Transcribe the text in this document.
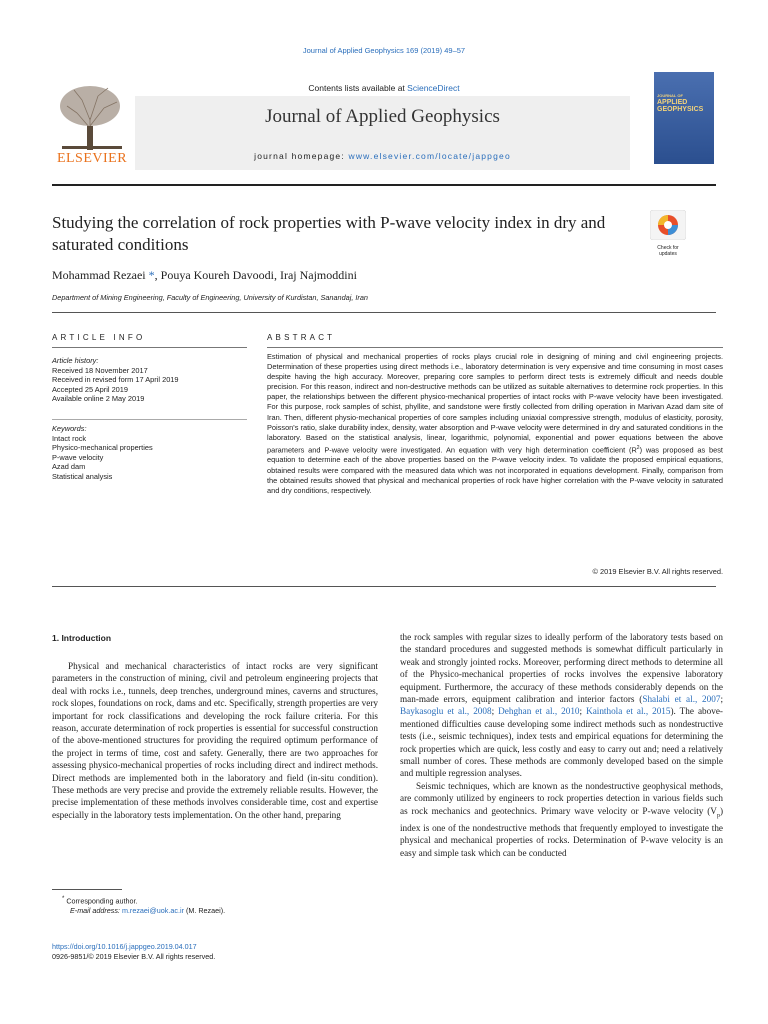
Journal of Applied Geophysics 169 (2019) 49–57
Contents lists available at ScienceDirect
ELSEVIER
Journal of Applied Geophysics
journal homepage: www.elsevier.com/locate/jappgeo
JOURNAL OF
APPLIED
GEOPHYSICS
Studying the correlation of rock properties with P-wave velocity index in dry and saturated conditions	Check for updates
Mohammad Rezaei *, Pouya Koureh Davoodi, Iraj Najmoddini
Department of Mining Engineering, Faculty of Engineering, University of Kurdistan, Sanandaj, Iran
ARTICLE INFO
Article history:
Received 18 November 2017
Received in revised form 17 April 2019
Accepted 25 April 2019
Available online 2 May 2019
Keywords:
Intact rock
Physico-mechanical properties
P-wave velocity
Azad dam
Statistical analysis
ABSTRACT
Estimation of physical and mechanical properties of rocks plays crucial role in designing of mining and civil engineering projects. Determination of these properties using direct methods i.e., laboratory determination is very expensive and time consuming in most cases despite having the high accuracy. Moreover, preparing core samples to perform direct tests is extremely difficult and needs double precision. For this reason, indirect and non-destructive methods can be utilized as suitable alternatives to determine rock properties. In this paper, the relationships between the different physico-mechanical properties of intact rocks with P-wave velocity have been investigated. For this purpose, rock samples of schist, phyllite, and sandstone were firstly collected from drilling operation in Marivan Azad dam site of Iran. Then, different physio-mechanical properties of core samples including uniaxial compressive strength, modulus of elasticity, porosity, Poisson's ratio, slake durability index, density, water absorption and P-wave velocity were determined in dry and saturated conditions in the laboratory. Based on the statistical analysis, linear, logarithmic, polynomial, exponential and power equations between the above parameters and P-wave velocity were investigated. An equation with very high determination coefficient $(R^2)$ was proposed as best equation to determine each of the above properties based on the P-wave velocity index. To validate the proposed empirical equations, obtained results were compared with the measured data which was not incorporated in equations development. Finally, comparison from the obtained results showed that physical and mechanical properties of rock have higher correlation with the P-wave velocity in saturated and dry conditions, respectively.
© 2019 Elsevier B.V. All rights reserved.
1. Introduction

Physical and mechanical characteristics of intact rocks are very significant parameters in the construction of mining, civil and petroleum engineering projects that deal with rocks i.e., tunnels, deep trenches, underground mines, caverns and structures, rock slopes, foundations on rock, dams and etc. Specifically, strength properties are very important for rock classifications and developing the rock failure criteria. For this reason, accurate determination of rock properties is essential for successful construction of the above-mentioned structures for providing the required optimum performance of the project in terms of time, cost and safety. Generally, there are two approaches for assessing physico-mechanical properties of rocks including direct and indirect methods. Direct methods are implemented both in the laboratory and field (in-situ condition). These methods are very precise and provide the extremely reliable results. However, the precise implementation of these methods involves considerable time, cost and expertise especially in the laboratory tests implementation. On the other hand, preparing

the rock samples with regular sizes to ideally perform of the laboratory tests based on the standard procedures and suggested methods is somewhat difficult particularly in weak and strongly jointed rocks. Moreover, performing direct methods to determine all of the Physico-mechanical properties of rocks involves the expensive laboratory equipment. Furthermore, the accuracy of these methods considerably depends on the man-made errors, equipment calibration and interior factors (Shalabi et al., 2007; Baykasoglu et al., 2008; Dehghan et al., 2010; Kainthola et al., 2015). The above-mentioned difficulties cause developing some indirect methods such as nondestructive tests (i.e., seismic techniques), index tests and empirical equations for determining the rock properties which are quick, less costly and easy to carry out and; need a relatively small number of cores. These methods are commonly developed based on the simple and multiple regression analyses.

Seismic techniques, which are known as the nondestructive geophysical methods, are commonly utilized by engineers to rock properties detection in various fields such as rock mechanics and geotechnics. Primary wave velocity or P-wave velocity $(V_p)$ index is one of the nondestructive methods that frequently employed to investigate the physical and mechanical properties of rocks. Determination of P-wave velocity is an easy and simple task which can be conducted

* Corresponding author.
E-mail address: m.rezaei@uok.ac.ir (M. Rezaei).
https://doi.org/10.1016/j.jappgeo.2019.04.017
0926-9851/© 2019 Elsevier B.V. All rights reserved.
